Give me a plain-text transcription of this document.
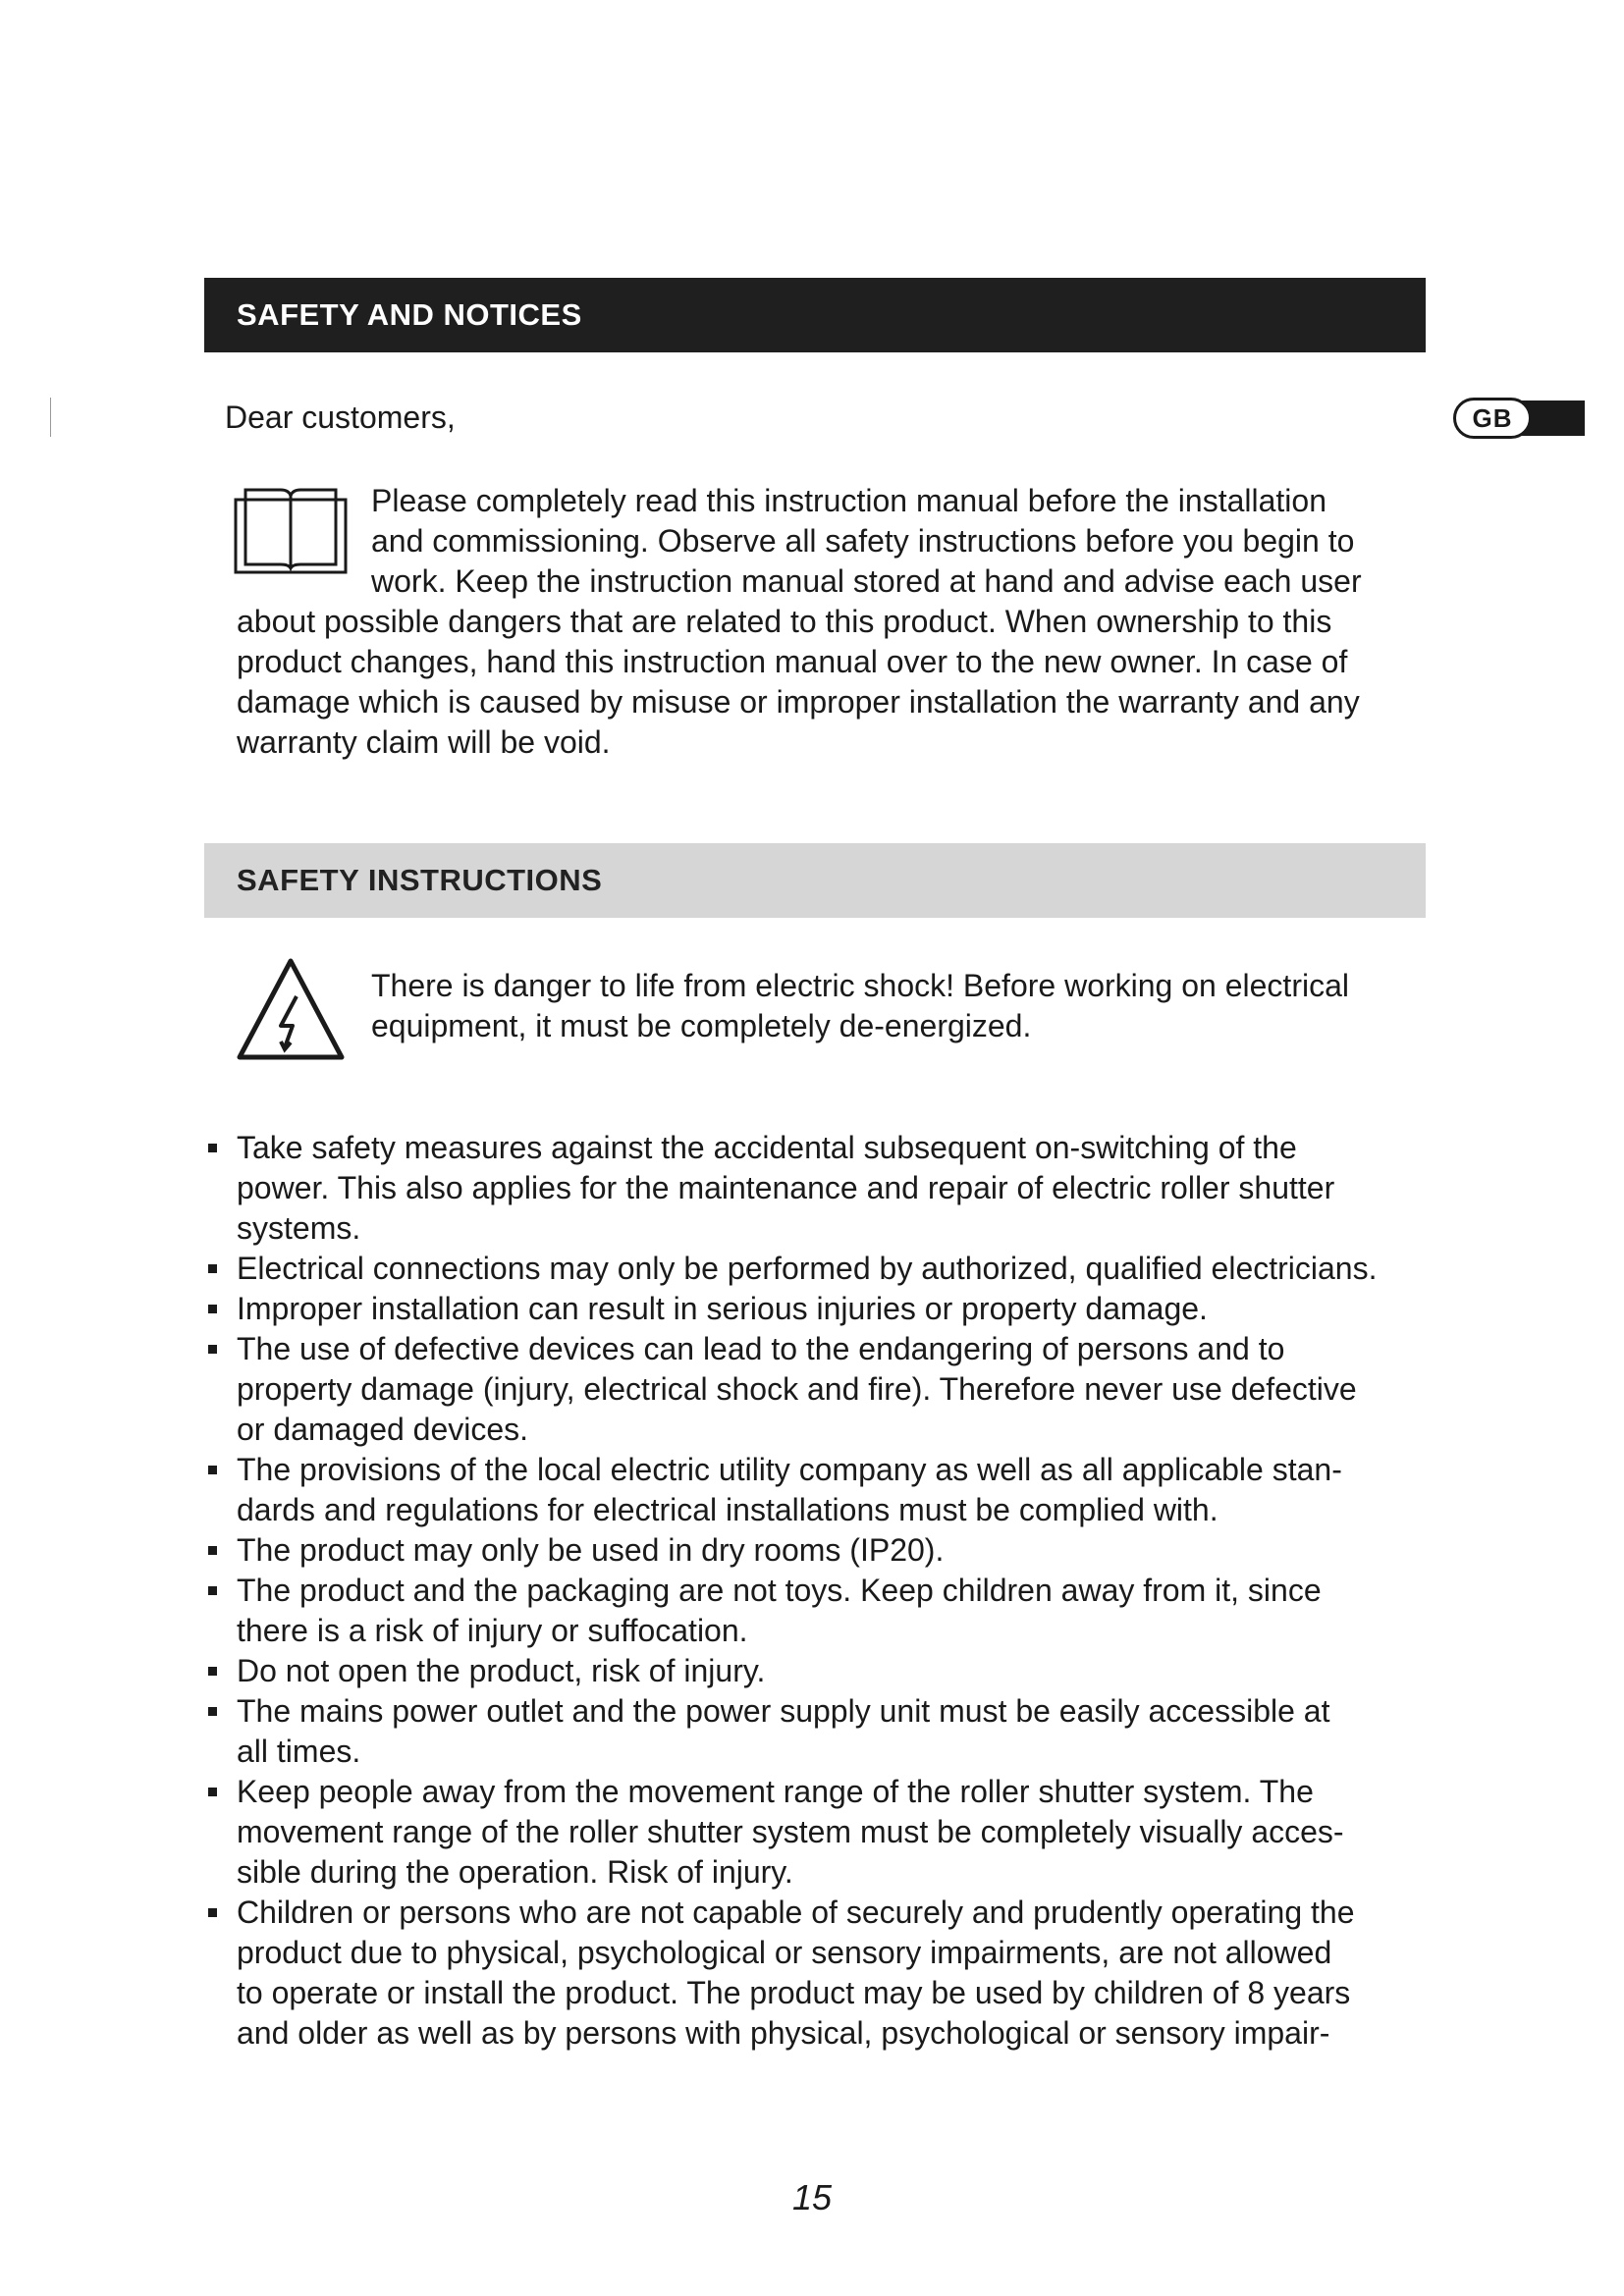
SAFETY AND NOTICES
GB
Dear customers,
Please completely read this instruction manual before the installation
and commissioning. Observe all safety instructions before you begin to
work. Keep the instruction manual stored at hand and advise each user
about possible dangers that are related to this product. When ownership to this
product changes, hand this instruction manual over to the new owner. In case of
damage which is caused by misuse or improper installation the warranty and any
warranty claim will be void.
SAFETY INSTRUCTIONS
There is danger to life from electric shock! Before working on electrical
equipment, it must be completely de-energized.
Take safety measures against the accidental subsequent on-switching of the
power. This also applies for the maintenance and repair of electric roller shutter
systems.
Electrical connections may only be performed by authorized, qualified electricians.
Improper installation can result in serious injuries or property damage.
The use of defective devices can lead to the endangering of persons and to
property damage (injury, electrical shock and fire). Therefore never use defective
or damaged devices.
The provisions of the local electric utility company as well as all applicable stan-
dards and regulations for electrical installations must be complied with.
The product may only be used in dry rooms (IP20).
The product and the packaging are not toys. Keep children away from it, since
there is a risk of injury or suffocation.
Do not open the product, risk of injury.
The mains power outlet and the power supply unit must be easily accessible at
all times.
Keep people away from the movement range of the roller shutter system. The
movement range of the roller shutter system must be completely visually acces-
sible during the operation. Risk of injury.
Children or persons who are not capable of securely and prudently operating the
product due to physical, psychological or sensory impairments, are not allowed
to operate or install the product. The product may be used by children of 8 years
and older as well as by persons with physical, psychological or sensory impair-
15
